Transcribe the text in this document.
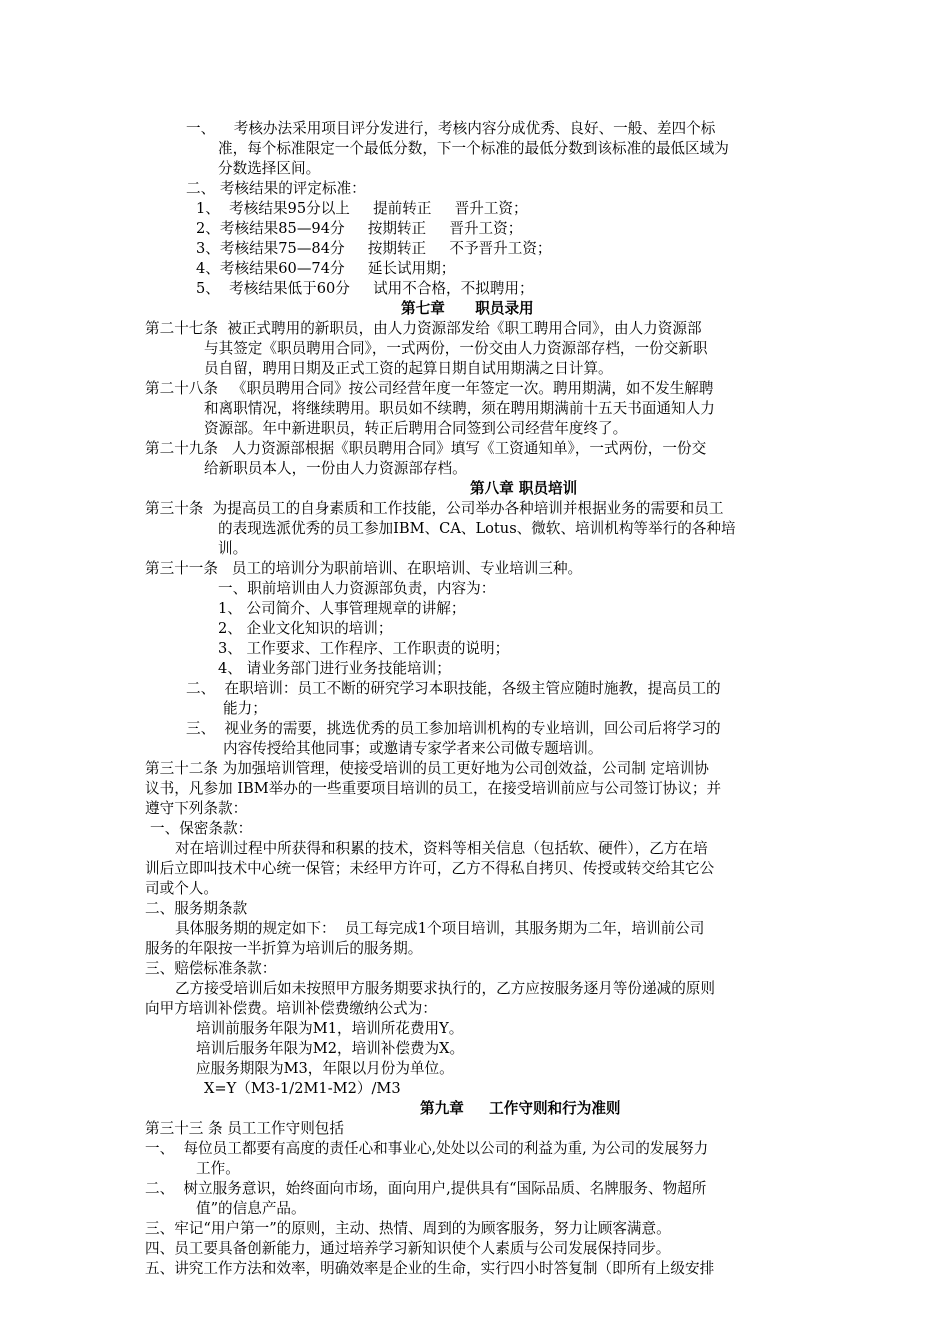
一、    考核办法采用项目评分发进行，考核内容分成优秀、良好、一般、差四个标
准，每个标准限定一个最低分数，下一个标准的最低分数到该标准的最低区域为
分数选择区间。
二、 考核结果的评定标准：
1、  考核结果95分以上     提前转正     晋升工资；
2、考核结果85—94分     按期转正     晋升工资；
3、考核结果75—84分     按期转正     不予晋升工资；
4、考核结果60—74分     延长试用期；
5、  考核结果低于60分     试用不合格，不拟聘用；
第七章      职员录用
第二十七条  被正式聘用的新职员，由人力资源部发给《职工聘用合同》，由人力资源部
与其签定《职员聘用合同》，一式两份，一份交由人力资源部存档，一份交新职
员自留，聘用日期及正式工资的起算日期自试用期满之日计算。
第二十八条   《职员聘用合同》按公司经营年度一年签定一次。聘用期满，如不发生解聘
和离职情况，将继续聘用。职员如不续聘，须在聘用期满前十五天书面通知人力
资源部。年中新进职员，转正后聘用合同签到公司经营年度终了。
第二十九条   人力资源部根据《职员聘用合同》填写《工资通知单》，一式两份，一份交
给新职员本人，一份由人力资源部存档。
第八章 职员培训
第三十条  为提高员工的自身素质和工作技能，公司举办各种培训并根据业务的需要和员工
的表现选派优秀的员工参加IBM、CA、Lotus、微软、培训机构等举行的各种培
训。
第三十一条   员工的培训分为职前培训、在职培训、专业培训三种。
一、职前培训由人力资源部负责，内容为：
1、 公司简介、人事管理规章的讲解；
2、 企业文化知识的培训；
3、 工作要求、工作程序、工作职责的说明；
4、 请业务部门进行业务技能培训；
二、  在职培训：员工不断的研究学习本职技能，各级主管应随时施教，提高员工的
能力；
三、  视业务的需要，挑选优秀的员工参加培训机构的专业培训，回公司后将学习的
内容传授给其他同事；或邀请专家学者来公司做专题培训。
第三十二条 为加强培训管理，使接受培训的员工更好地为公司创效益，公司制 定培训协
议书，凡参加 IBM举办的一些重要项目培训的员工，在接受培训前应与公司签订协议；并
遵守下列条款：
一、保密条款：
对在培训过程中所获得和积累的技术，资料等相关信息（包括软、硬件），乙方在培
训后立即叫技术中心统一保管；未经甲方许可，乙方不得私自拷贝、传授或转交给其它公
司或个人。
二、服务期条款
具体服务期的规定如下：  员工每完成1个项目培训，其服务期为二年，培训前公司
服务的年限按一半折算为培训后的服务期。
三、赔偿标准条款：
乙方接受培训后如未按照甲方服务期要求执行的，乙方应按服务逐月等份递减的原则
向甲方培训补偿费。培训补偿费缴纳公式为：
培训前服务年限为M1，培训所花费用Y。
培训后服务年限为M2，培训补偿费为X。
应服务期限为M3，年限以月份为单位。
X=Y（M3-1/2M1-M2）/M3
第九章     工作守则和行为准则
第三十三 条 员工工作守则包括
一、  每位员工都要有高度的责任心和事业心,处处以公司的利益为重, 为公司的发展努力
工作。
二、  树立服务意识，始终面向市场，面向用户,提供具有“国际品质、名牌服务、物超所
值”的信息产品。
三、牢记“用户第一”的原则，主动、热情、周到的为顾客服务，努力让顾客满意。
四、员工要具备创新能力，通过培养学习新知识使个人素质与公司发展保持同步。
五、讲究工作方法和效率，明确效率是企业的生命，实行四小时答复制（即所有上级安排
